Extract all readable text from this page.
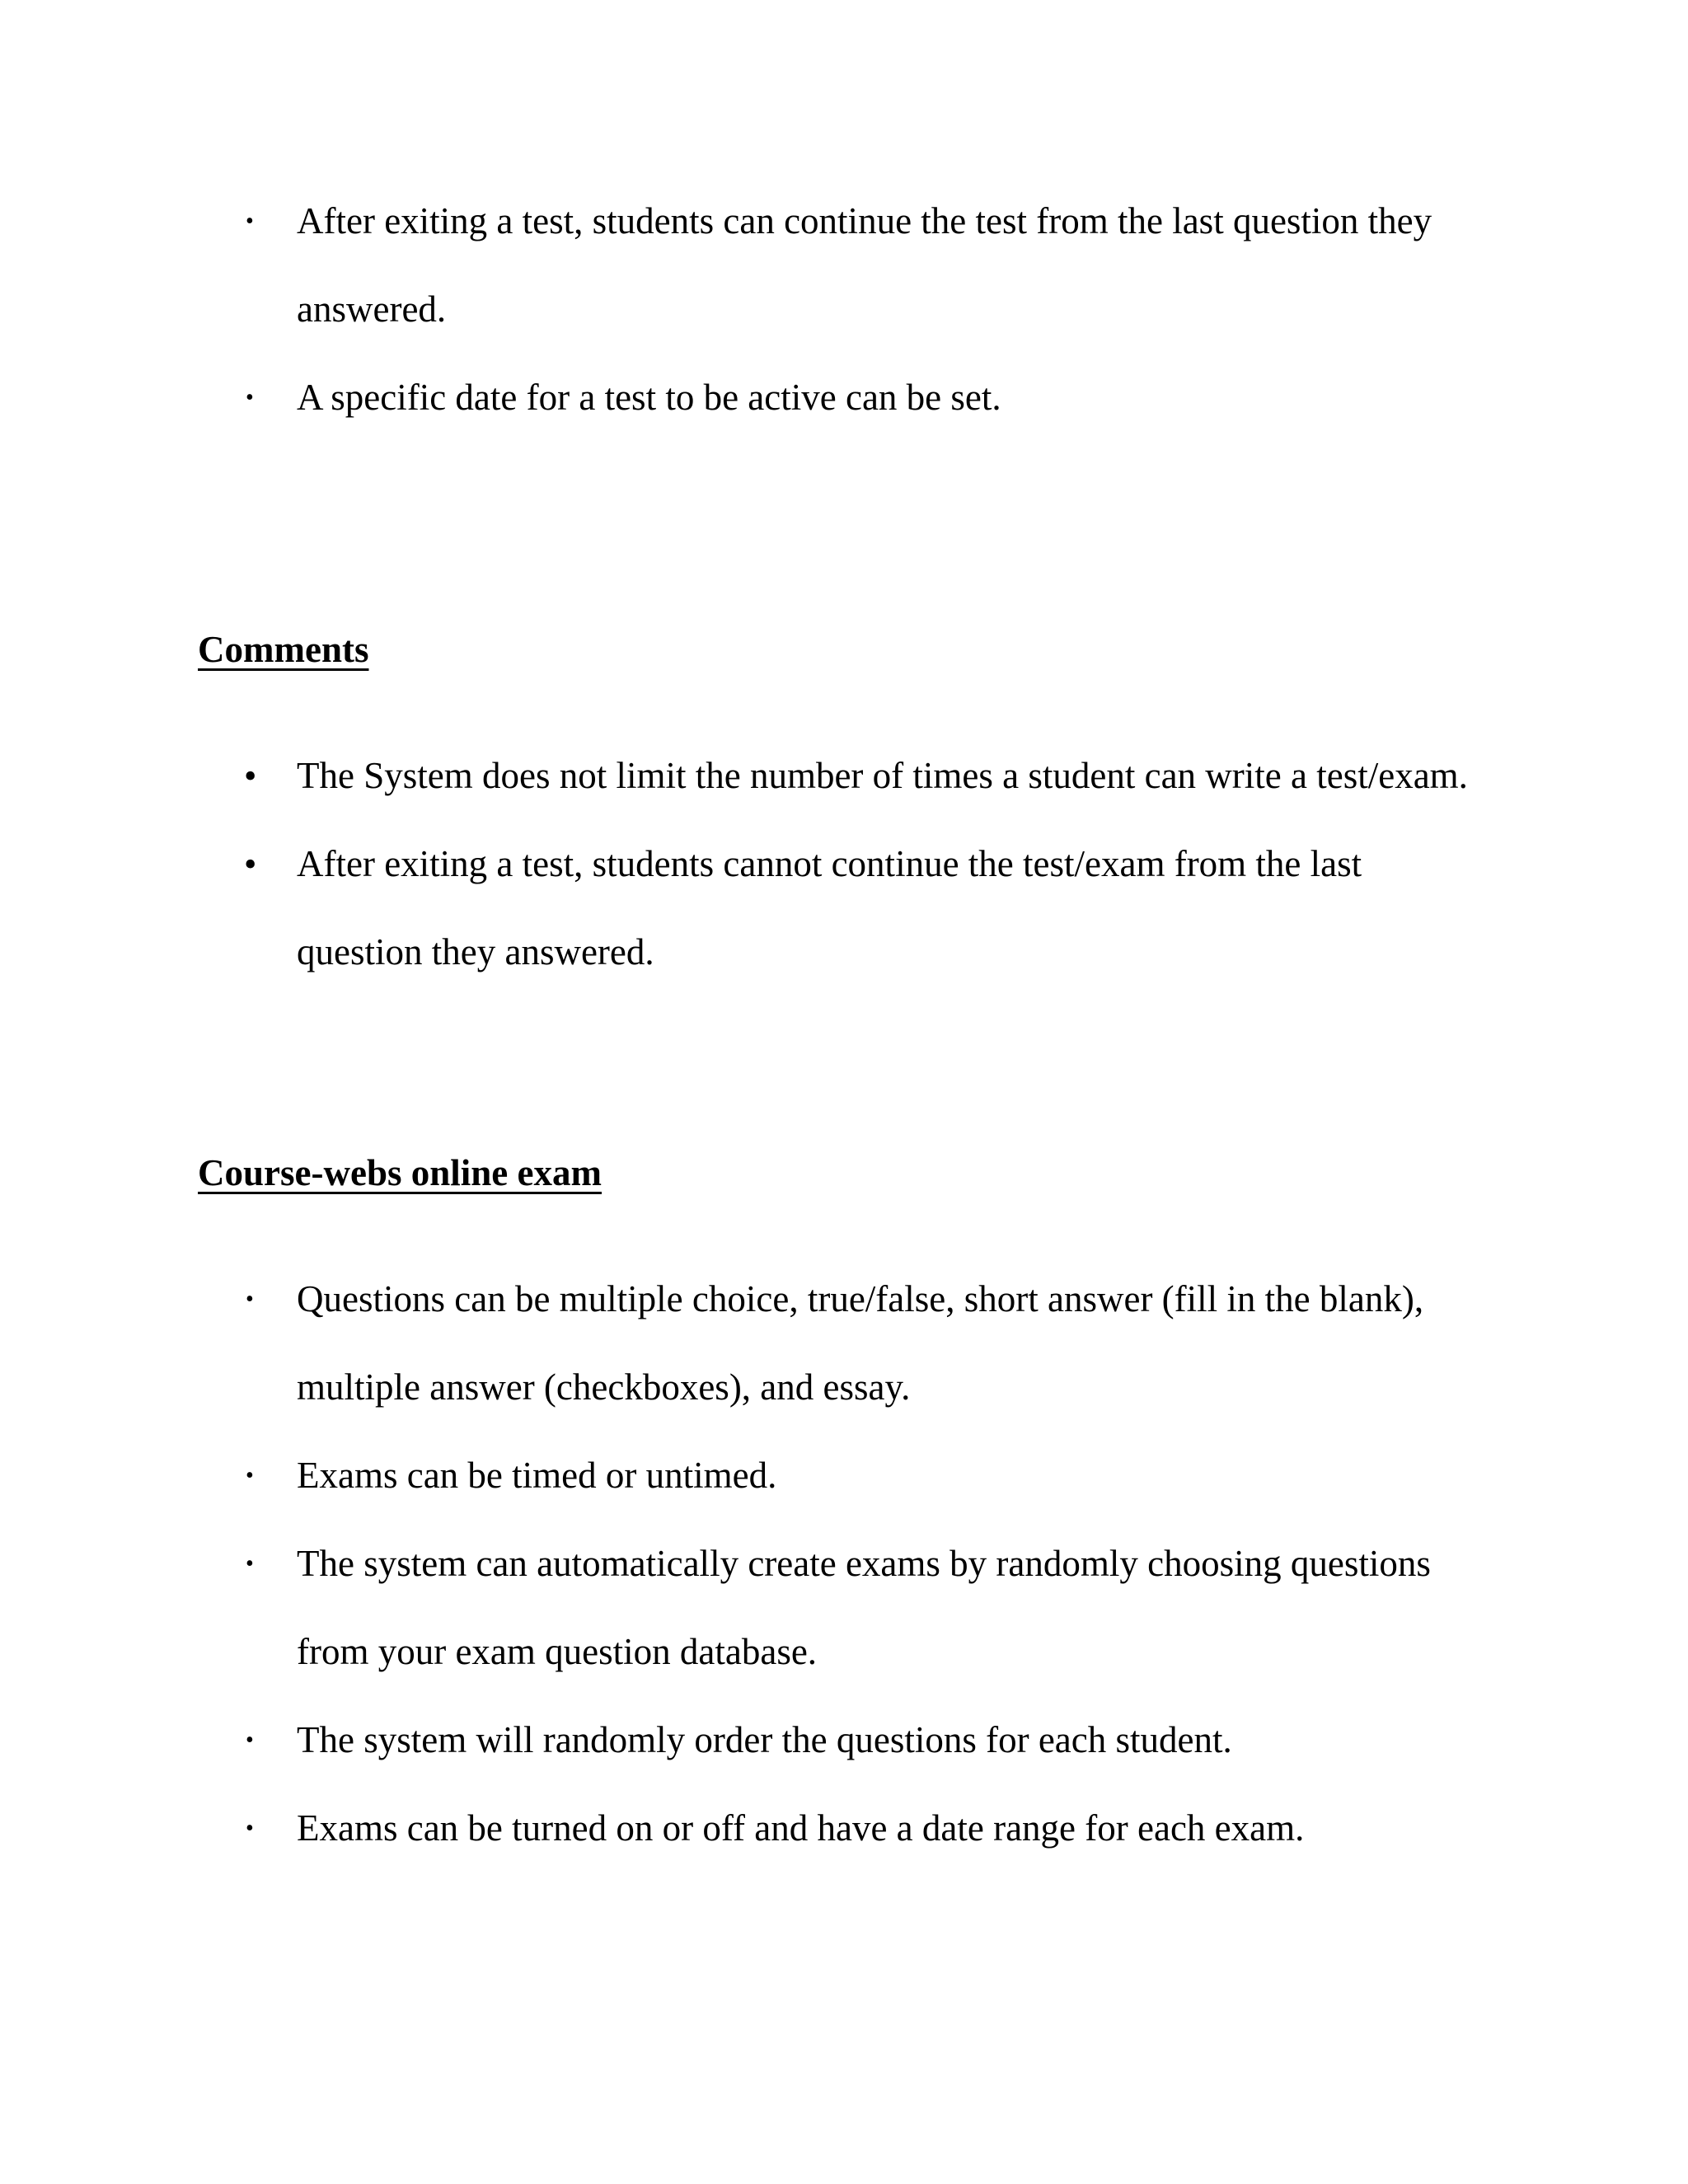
• After exiting a test, students can continue the test from the last question they answered.
• A specific date for a test to be active can be set.
Comments
• The System does not limit the number of times a student can write a test/exam.
• After exiting a test, students cannot continue the test/exam from the last question they answered.
Course-webs online exam
• Questions can be multiple choice, true/false, short answer (fill in the blank), multiple answer (checkboxes), and essay.
• Exams can be timed or untimed.
• The system can automatically create exams by randomly choosing questions from your exam question database.
• The system will randomly order the questions for each student.
• Exams can be turned on or off and have a date range for each exam.
